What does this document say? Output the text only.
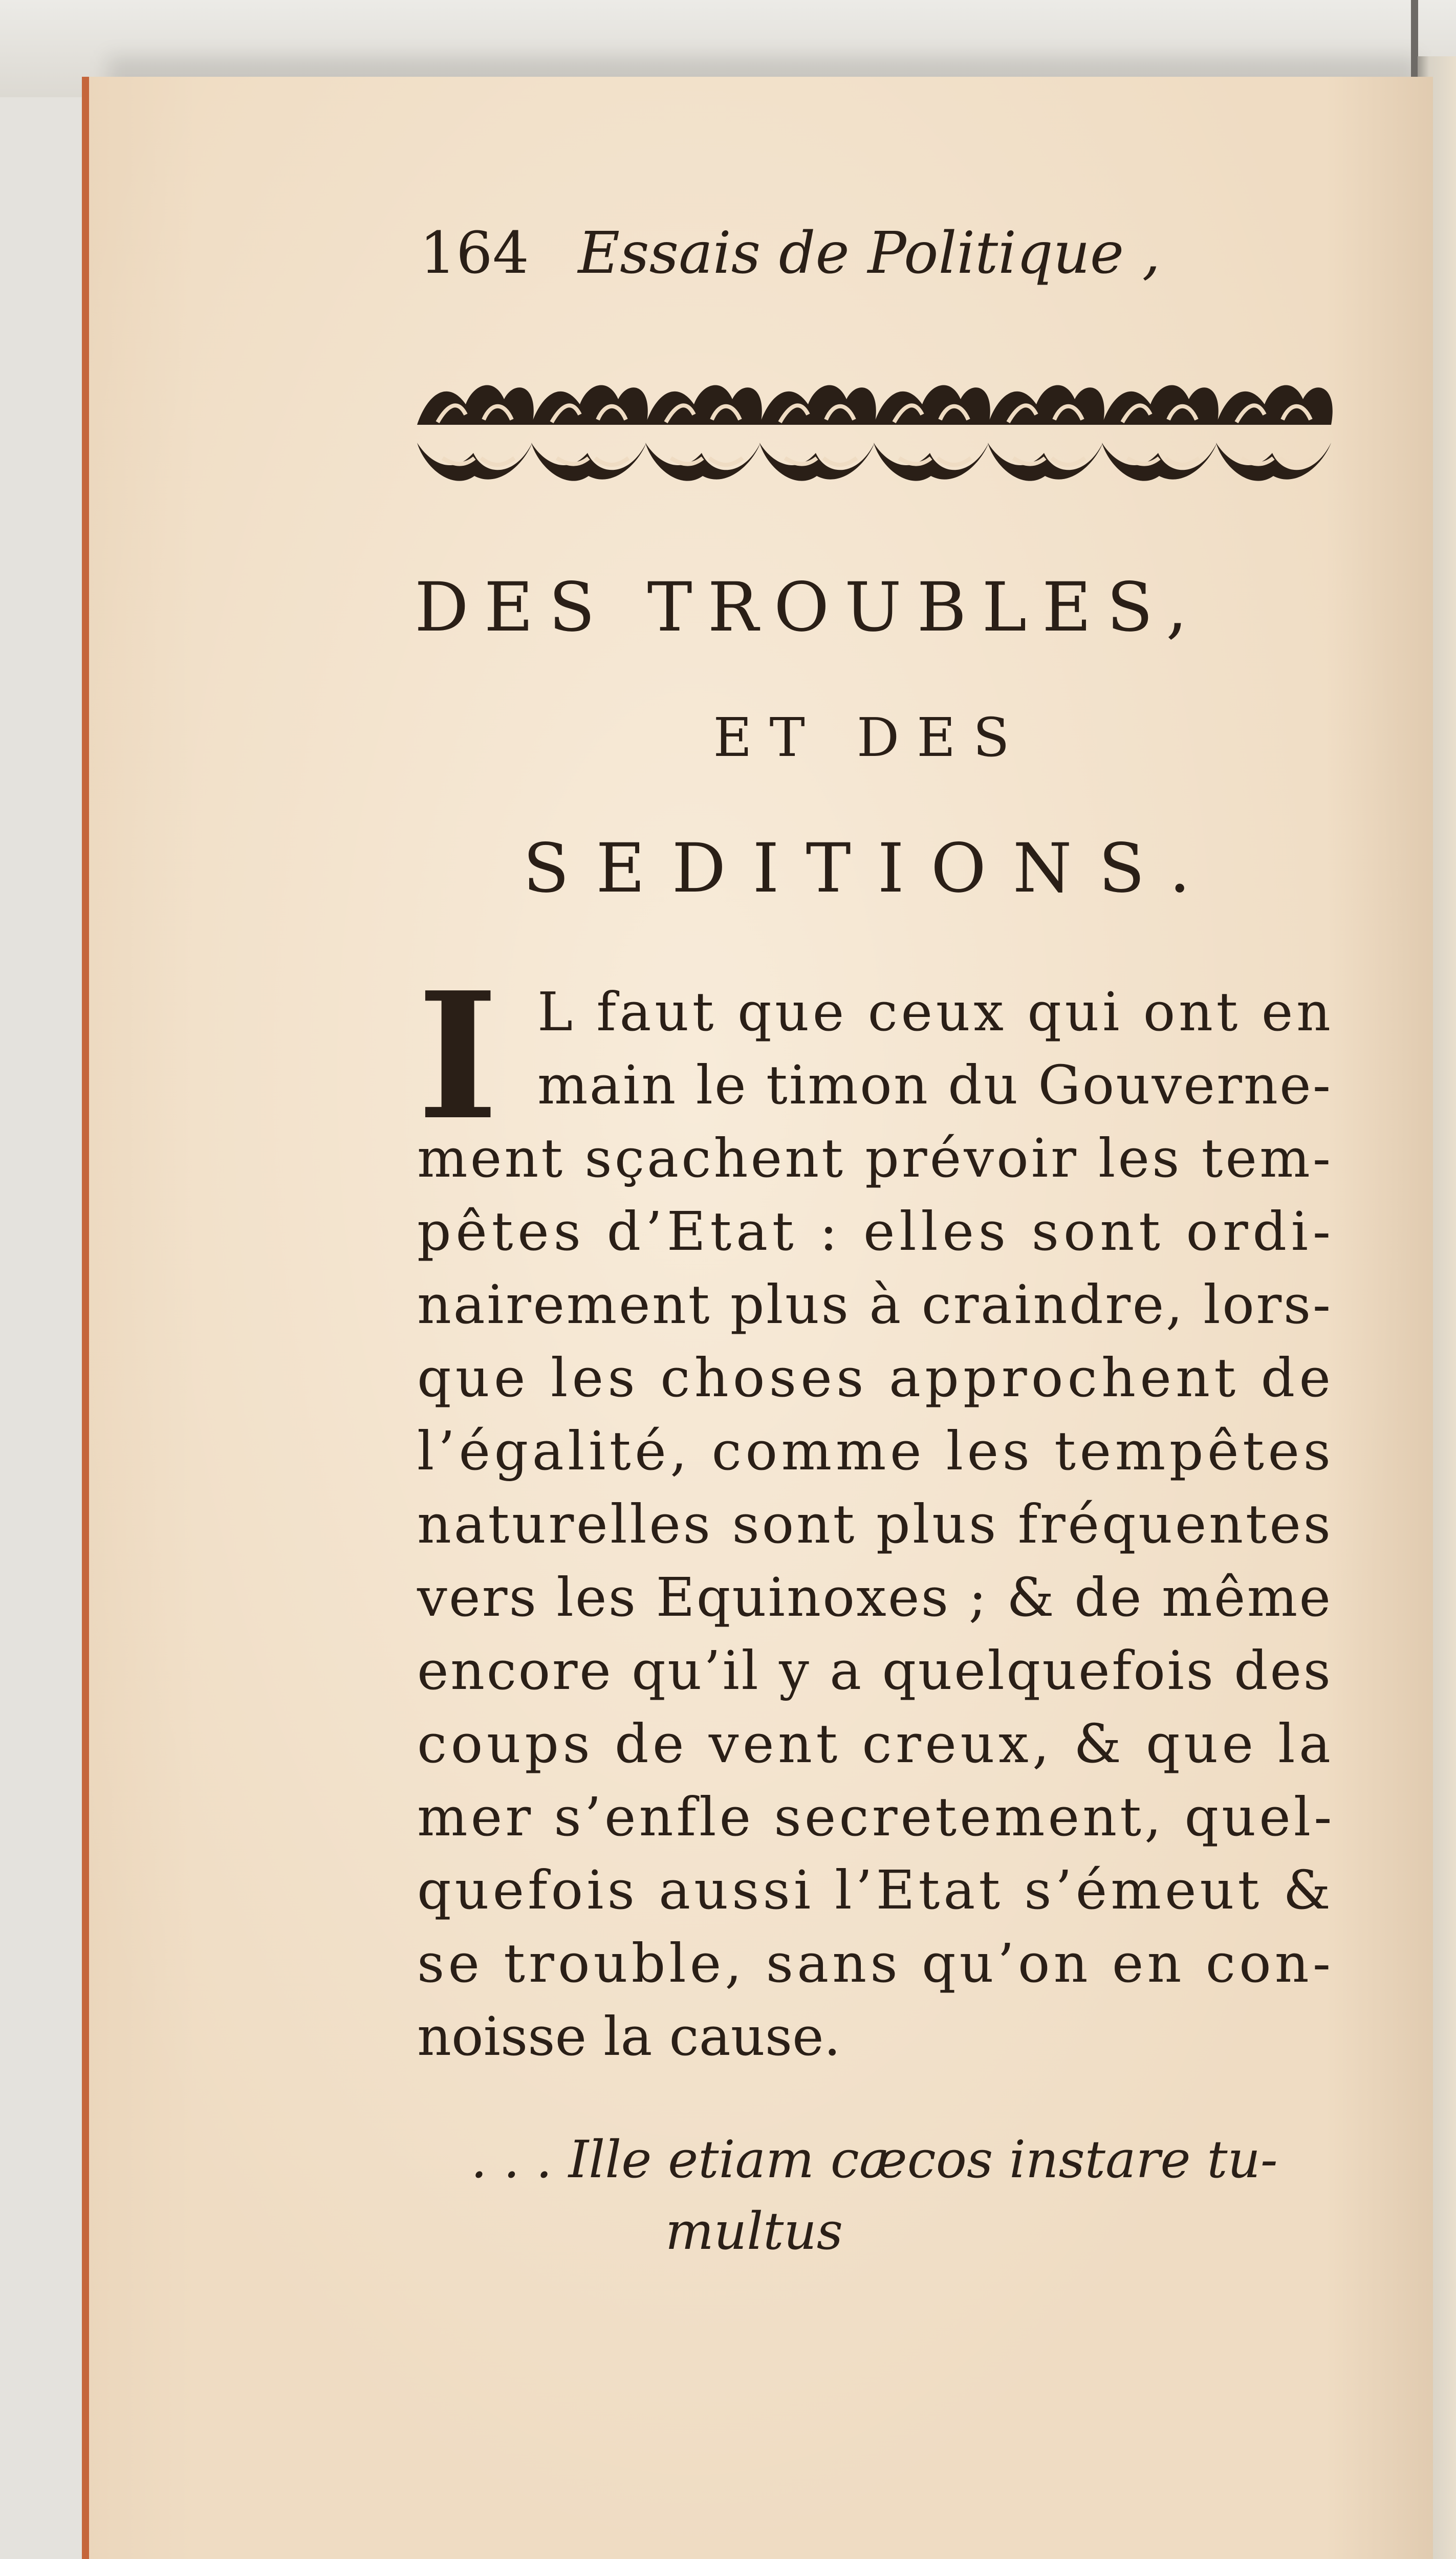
164 Essais de Politique ,
DES TROUBLES,
ET DES
SEDITIONS.
I L faut que ceux qui ont en
main le timon du Gouverne-
ment sçachent prévoir les tem-
pêtes d’Etat : elles sont ordi-
nairement plus à craindre, lors-
que les choses approchent de
l’égalité, comme les tempêtes
naturelles sont plus fréquentes
vers les Equinoxes ; & de même
encore qu’il y a quelquefois des
coups de vent creux, & que la
mer s’enfle secretement, quel-
quefois aussi l’Etat s’émeut &
se trouble, sans qu’on en con-
noisse la cause.
. . . Ille etiam cæcos instare tu-
multus
